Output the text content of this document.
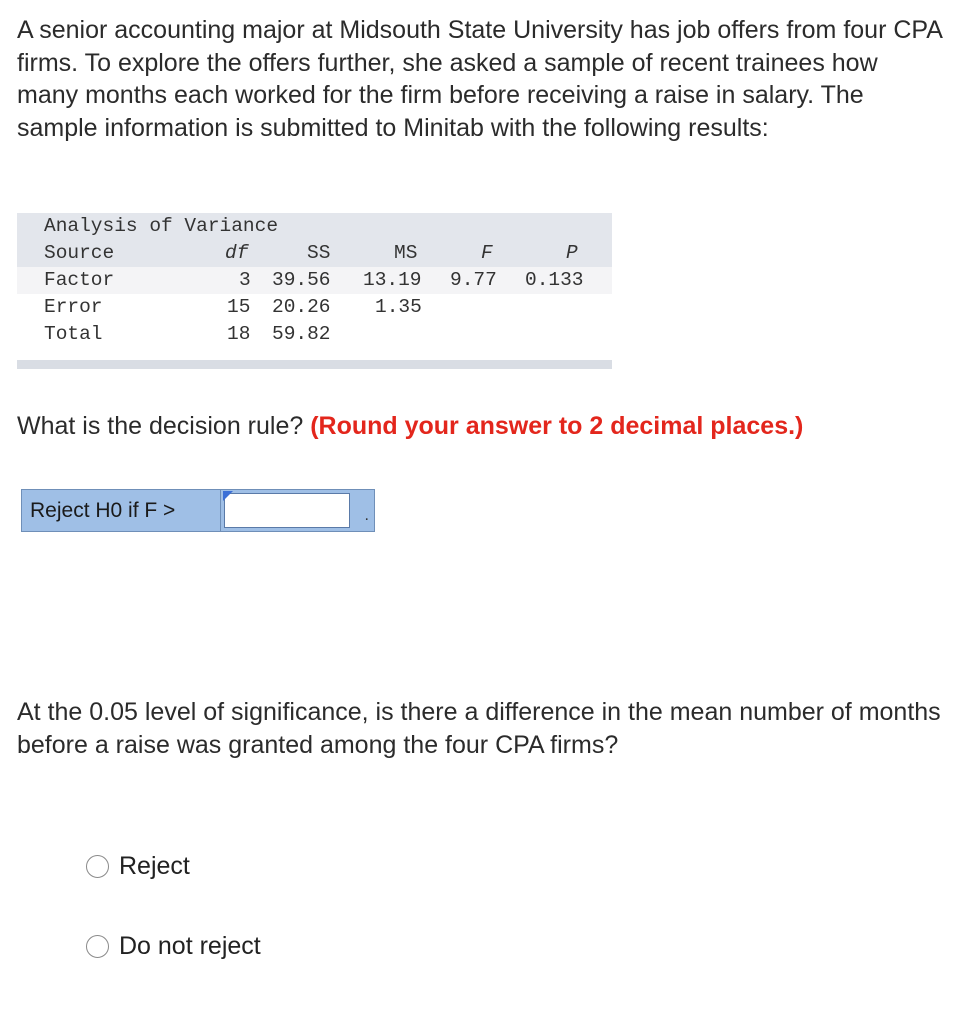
A senior accounting major at Midsouth State University has job offers from four CPA firms. To explore the offers further, she asked a sample of recent trainees how many months each worked for the firm before receiving a raise in salary. The sample information is submitted to Minitab with the following results:

Analysis of Variance
Source	df	SS	MS	F	P
Factor	3 39.56 13.19 9.77 0.133
Error	15 20.26 1.35
Total	18 59.82

What is the decision rule? (Round your answer to 2 decimal places.)

Reject H0 if F >	.

At the 0.05 level of significance, is there a difference in the mean number of months before a raise was granted among the four CPA firms?

Reject
Do not reject
